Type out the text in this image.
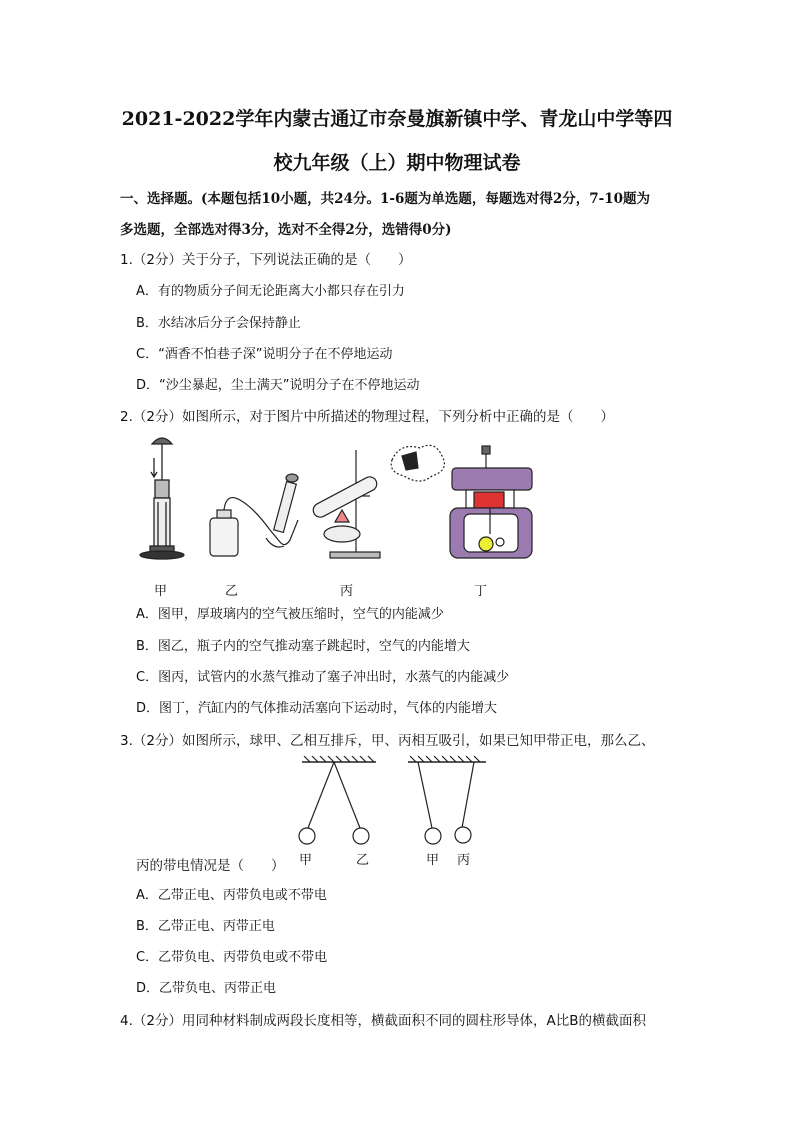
2021-2022学年内蒙古通辽市奈曼旗新镇中学、青龙山中学等四
校九年级（上）期中物理试卷
一、选择题。(本题包括10小题，共24分。1-6题为单选题，每题选对得2分，7-10题为
多选题，全部选对得3分，选对不全得2分，选错得0分)
1.（2分）关于分子，下列说法正确的是（　　）
A．有的物质分子间无论距离大小都只存在引力
B．水结冰后分子会保持静止
C．“酒香不怕巷子深”说明分子在不停地运动
D．“沙尘暴起，尘土满天”说明分子在不停地运动
2.（2分）如图所示，对于图片中所描述的物理过程，下列分析中正确的是（　　）
甲	乙	丙	丁
A．图甲，厚玻璃内的空气被压缩时，空气的内能减少
B．图乙，瓶子内的空气推动塞子跳起时，空气的内能增大
C．图丙，试管内的水蒸气推动了塞子冲出时，水蒸气的内能减少
D．图丁，汽缸内的气体推动活塞向下运动时，气体的内能增大
3.（2分）如图所示，球甲、乙相互排斥，甲、丙相互吸引，如果已知甲带正电，那么乙、
甲	乙	甲 丙
丙的带电情况是（　　）
A．乙带正电、丙带负电或不带电
B．乙带正电、丙带正电
C．乙带负电、丙带负电或不带电
D．乙带负电、丙带正电
4.（2分）用同种材料制成两段长度相等，横截面积不同的圆柱形导体，A比B的横截面积
